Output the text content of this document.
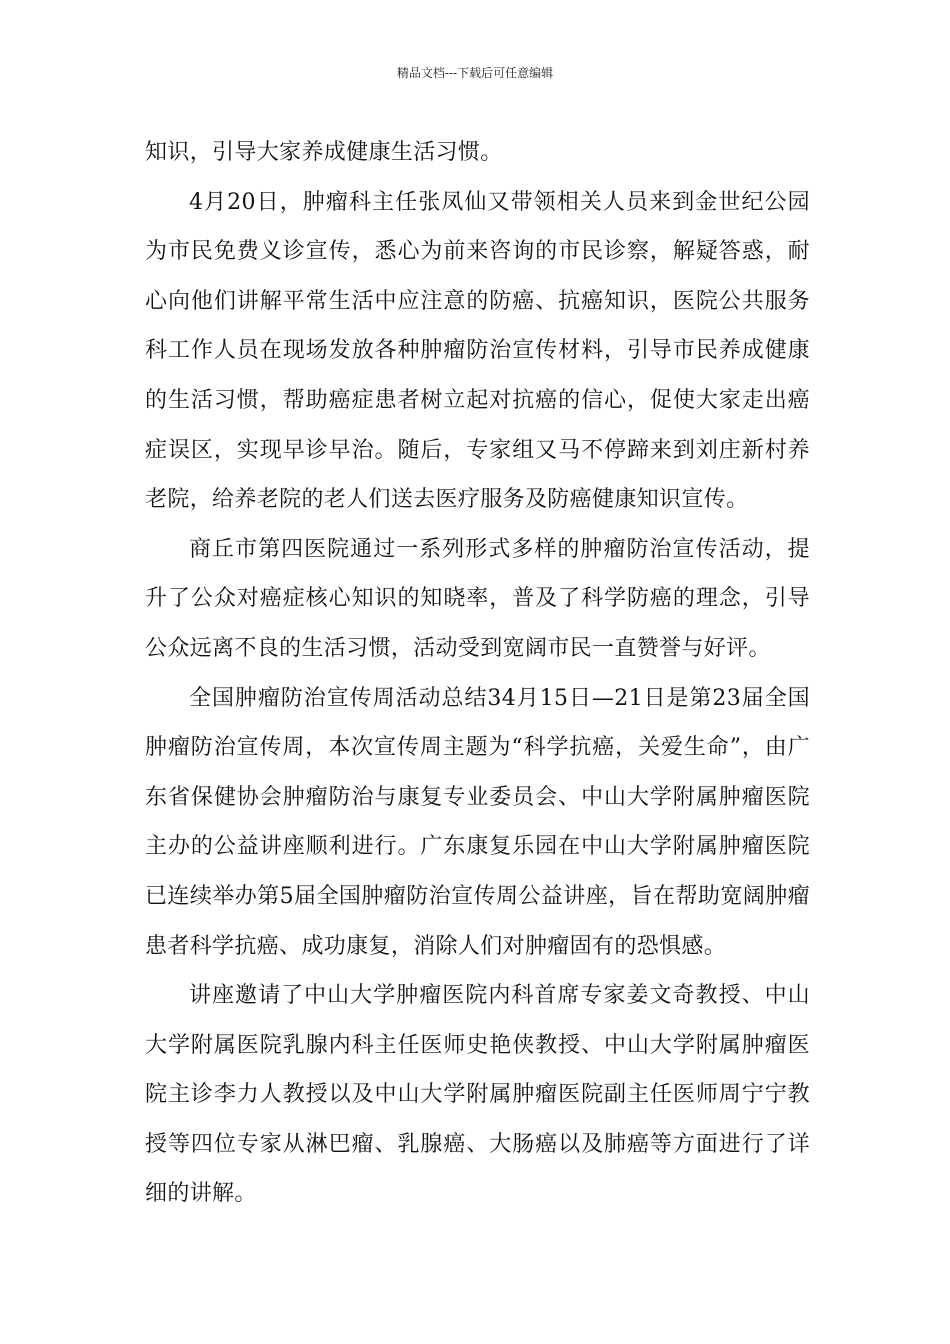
精品文档---下载后可任意编辑

知识，引导大家养成健康生活习惯。

4月20日，肿瘤科主任张凤仙又带领相关人员来到金世纪公园为市民免费义诊宣传，悉心为前来咨询的市民诊察，解疑答惑，耐心向他们讲解平常生活中应注意的防癌、抗癌知识，医院公共服务科工作人员在现场发放各种肿瘤防治宣传材料，引导市民养成健康的生活习惯，帮助癌症患者树立起对抗癌的信心，促使大家走出癌症误区，实现早诊早治。随后，专家组又马不停蹄来到刘庄新村养老院，给养老院的老人们送去医疗服务及防癌健康知识宣传。

商丘市第四医院通过一系列形式多样的肿瘤防治宣传活动，提升了公众对癌症核心知识的知晓率，普及了科学防癌的理念，引导公众远离不良的生活习惯，活动受到宽阔市民一直赞誉与好评。

全国肿瘤防治宣传周活动总结34月15日—21日是第23届全国肿瘤防治宣传周，本次宣传周主题为“科学抗癌，关爱生命”，由广东省保健协会肿瘤防治与康复专业委员会、中山大学附属肿瘤医院主办的公益讲座顺利进行。广东康复乐园在中山大学附属肿瘤医院已连续举办第5届全国肿瘤防治宣传周公益讲座，旨在帮助宽阔肿瘤患者科学抗癌、成功康复，消除人们对肿瘤固有的恐惧感。

讲座邀请了中山大学肿瘤医院内科首席专家姜文奇教授、中山大学附属医院乳腺内科主任医师史艳侠教授、中山大学附属肿瘤医院主诊李力人教授以及中山大学附属肿瘤医院副主任医师周宁宁教授等四位专家从淋巴瘤、乳腺癌、大肠癌以及肺癌等方面进行了详细的讲解。
